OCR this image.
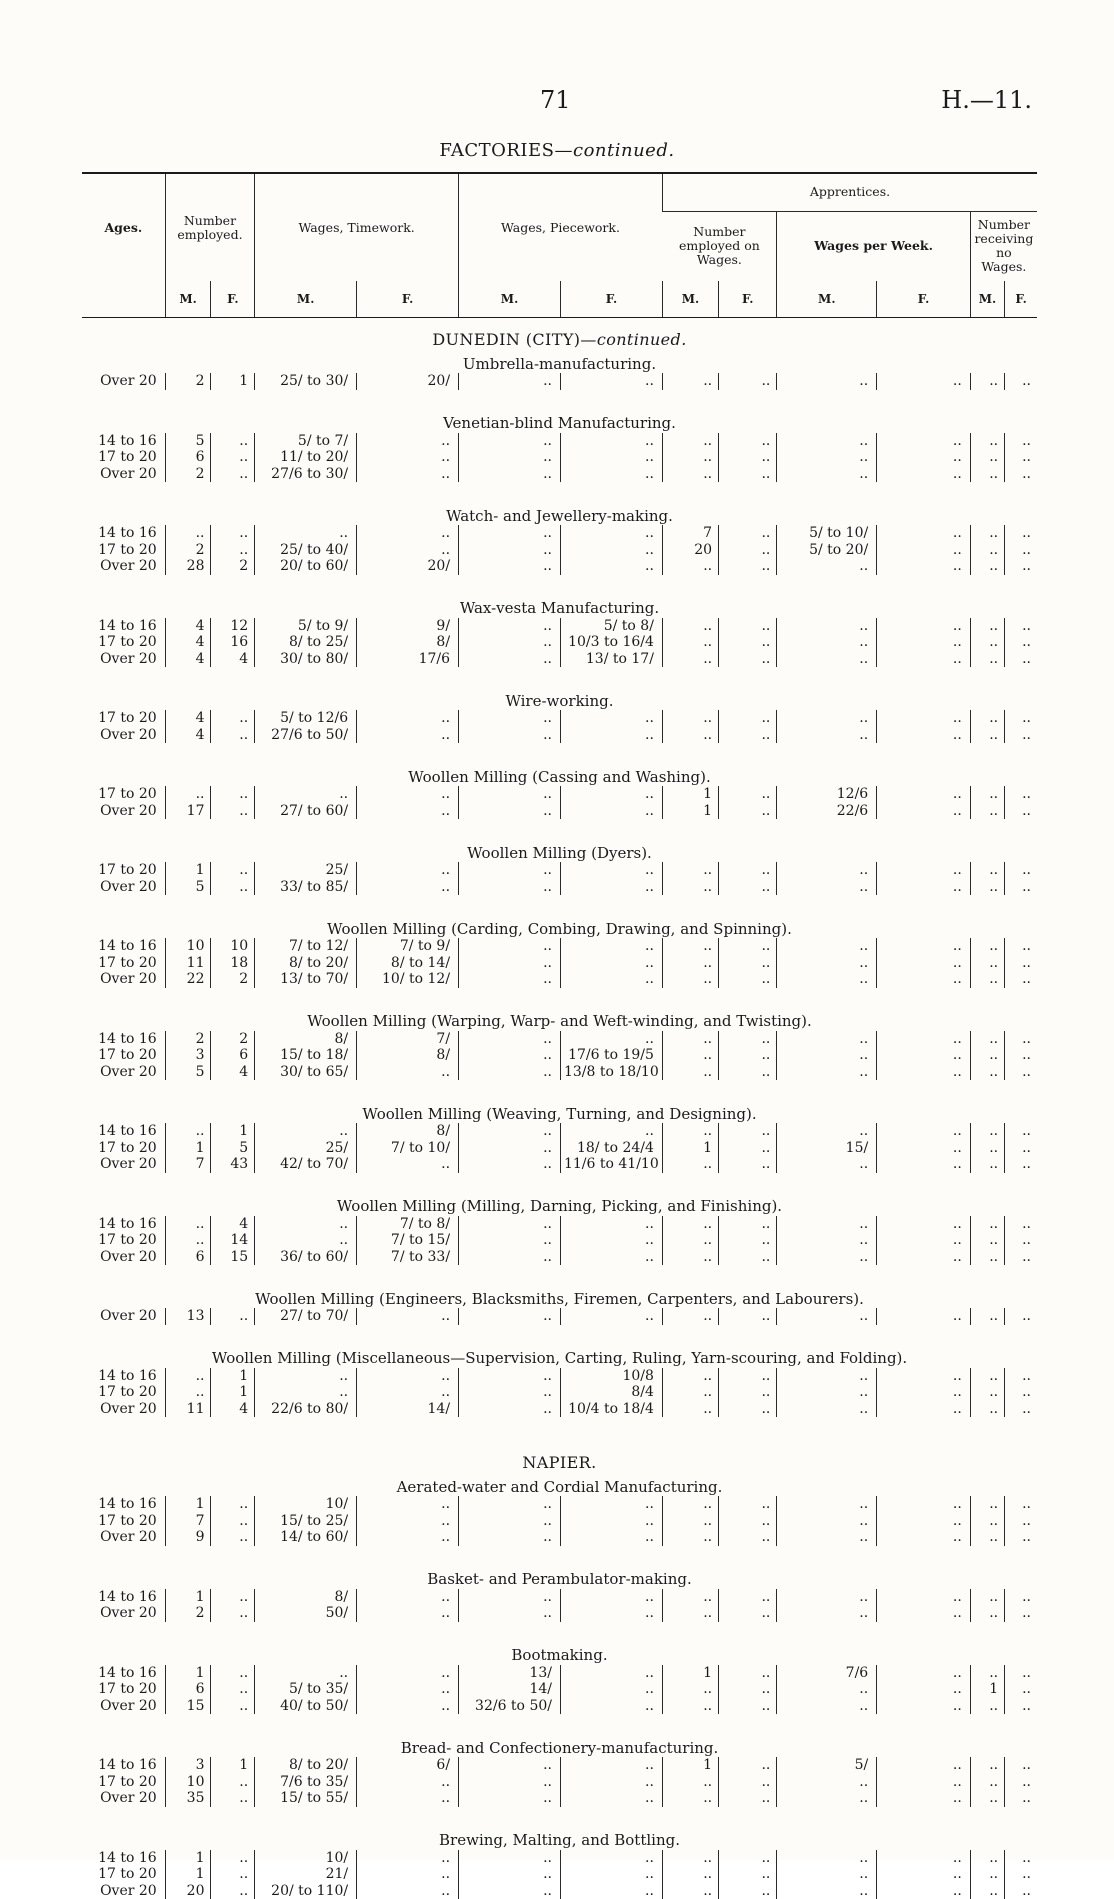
71	H.—11.
FACTORIES—continued.
Ages.	Number employed.		Wages, Timework.		Wages, Piecework.		Apprentices.					
							Number employed on Wages.		Wages per Week.		Number receiving no Wages.	
	M.	F.	M.	F.	M.	F.	M.	F.	M.	F.	M.	F.
DUNEDIN (CITY)—continued.												
Umbrella-manufacturing.												
Over 20	2	1	25/ to 30/	20/	..	..	..	..	..	..	..	..
Venetian-blind Manufacturing.												
14 to 16	5	..	5/ to 7/	..	..	..	..	..	..	..	..	..
17 to 20	6	..	11/ to 20/	..	..	..	..	..	..	..	..	..
Over 20	2	..	27/6 to 30/	..	..	..	..	..	..	..	..	..
Watch- and Jewellery-making.												
14 to 16	..	..	..	..	..	..	7	..	5/ to 10/	..	..	..
17 to 20	2	..	25/ to 40/	..	..	..	20	..	5/ to 20/	..	..	..
Over 20	28	2	20/ to 60/	20/	..	..	..	..	..	..	..	..
Wax-vesta Manufacturing.												
14 to 16	4	12	5/ to 9/	9/	..	5/ to 8/	..	..	..	..	..	..
17 to 20	4	16	8/ to 25/	8/	..	10/3 to 16/4	..	..	..	..	..	..
Over 20	4	4	30/ to 80/	17/6	..	13/ to 17/	..	..	..	..	..	..
Wire-working.												
17 to 20	4	..	5/ to 12/6	..	..	..	..	..	..	..	..	..
Over 20	4	..	27/6 to 50/	..	..	..	..	..	..	..	..	..
Woollen Milling (Cassing and Washing).												
17 to 20	..	..	..	..	..	..	1	..	12/6	..	..	..
Over 20	17	..	27/ to 60/	..	..	..	1	..	22/6	..	..	..
Woollen Milling (Dyers).												
17 to 20	1	..	25/	..	..	..	..	..	..	..	..	..
Over 20	5	..	33/ to 85/	..	..	..	..	..	..	..	..	..
Woollen Milling (Carding, Combing, Drawing, and Spinning).												
14 to 16	10	10	7/ to 12/	7/ to 9/	..	..	..	..	..	..	..	..
17 to 20	11	18	8/ to 20/	8/ to 14/	..	..	..	..	..	..	..	..
Over 20	22	2	13/ to 70/	10/ to 12/	..	..	..	..	..	..	..	..
Woollen Milling (Warping, Warp- and Weft-winding, and Twisting).												
14 to 16	2	2	8/	7/	..	..	..	..	..	..	..	..
17 to 20	3	6	15/ to 18/	8/	..	17/6 to 19/5	..	..	..	..	..	..
Over 20	5	4	30/ to 65/	..	..	13/8 to 18/10	..	..	..	..	..	..
Woollen Milling (Weaving, Turning, and Designing).												
14 to 16	..	1	..	8/	..	..	..	..	..	..	..	..
17 to 20	1	5	25/	7/ to 10/	..	18/ to 24/4	1	..	15/	..	..	..
Over 20	7	43	42/ to 70/	..	..	11/6 to 41/10	..	..	..	..	..	..
Woollen Milling (Milling, Darning, Picking, and Finishing).												
14 to 16	..	4	..	7/ to 8/	..	..	..	..	..	..	..	..
17 to 20	..	14	..	7/ to 15/	..	..	..	..	..	..	..	..
Over 20	6	15	36/ to 60/	7/ to 33/	..	..	..	..	..	..	..	..
Woollen Milling (Engineers, Blacksmiths, Firemen, Carpenters, and Labourers).												
Over 20	13	..	27/ to 70/	..	..	..	..	..	..	..	..	..
Woollen Milling (Miscellaneous—Supervision, Carting, Ruling, Yarn-scouring, and Folding).												
14 to 16	..	1	..	..	..	10/8	..	..	..	..	..	..
17 to 20	..	1	..	..	..	8/4	..	..	..	..	..	..
Over 20	11	4	22/6 to 80/	14/	..	10/4 to 18/4	..	..	..	..	..	..
NAPIER.												
Aerated-water and Cordial Manufacturing.												
14 to 16	1	..	10/	..	..	..	..	..	..	..	..	..
17 to 20	7	..	15/ to 25/	..	..	..	..	..	..	..	..	..
Over 20	9	..	14/ to 60/	..	..	..	..	..	..	..	..	..
Basket- and Perambulator-making.												
14 to 16	1	..	8/	..	..	..	..	..	..	..	..	..
Over 20	2	..	50/	..	..	..	..	..	..	..	..	..
Bootmaking.												
14 to 16	1	..	..	..	13/	..	1	..	7/6	..	..	..
17 to 20	6	..	5/ to 35/	..	14/	..	..	..	..	..	1	..
Over 20	15	..	40/ to 50/	..	32/6 to 50/	..	..	..	..	..	..	..
Bread- and Confectionery-manufacturing.												
14 to 16	3	1	8/ to 20/	6/	..	..	1	..	5/	..	..	..
17 to 20	10	..	7/6 to 35/	..	..	..	..	..	..	..	..	..
Over 20	35	..	15/ to 55/	..	..	..	..	..	..	..	..	..
Brewing, Malting, and Bottling.												
14 to 16	1	..	10/	..	..	..	..	..	..	..	..	..
17 to 20	1	..	21/	..	..	..	..	..	..	..	..	..
Over 20	20	..	20/ to 110/	..	..	..	..	..	..	..	..	..
